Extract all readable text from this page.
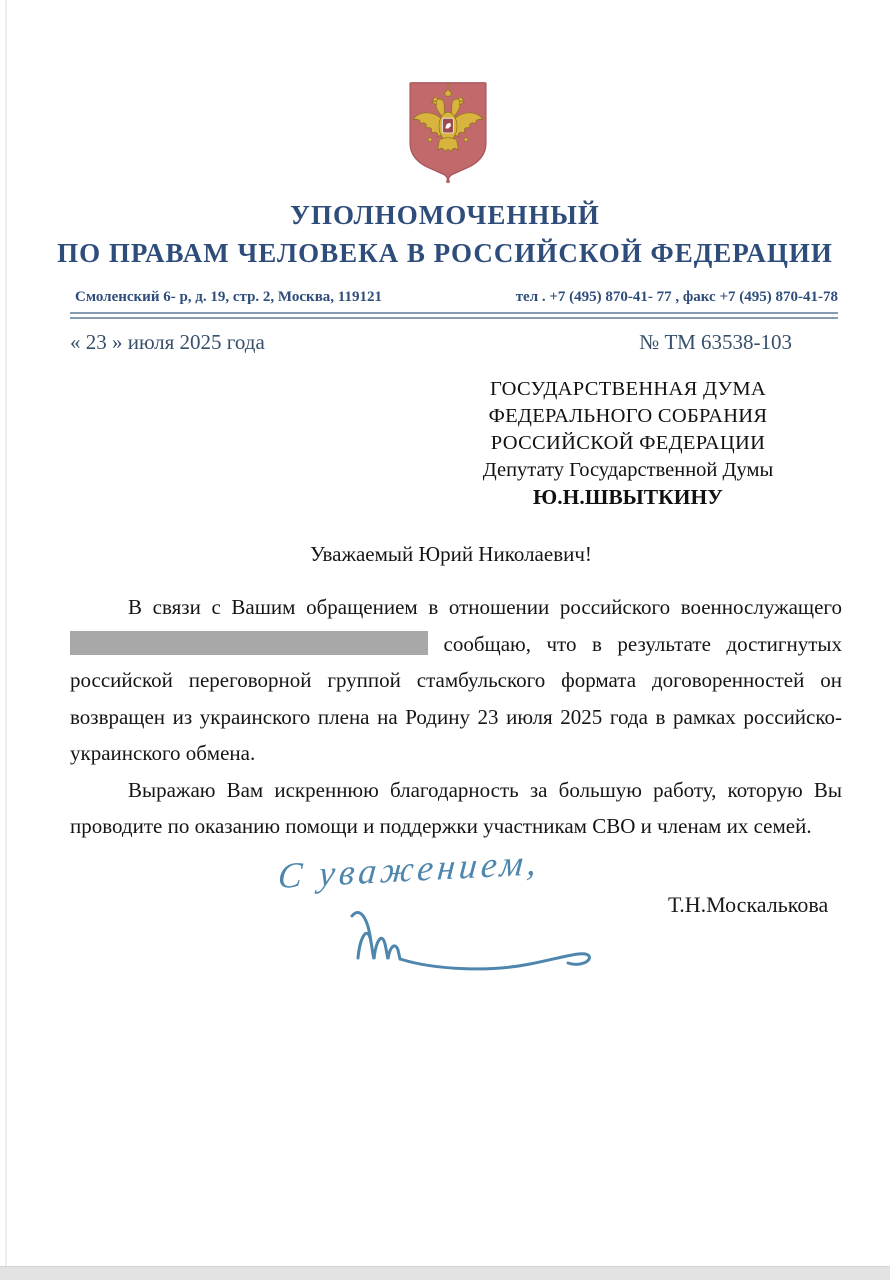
УПОЛНОМОЧЕННЫЙ
ПО ПРАВАМ ЧЕЛОВЕКА В РОССИЙСКОЙ ФЕДЕРАЦИИ
Смоленский 6- р, д. 19, стр. 2, Москва, 119121	тел . +7 (495) 870-41- 77 , факс +7 (495) 870-41-78
« 23 » июля 2025 года	№ ТМ 63538-103
ГОСУДАРСТВЕННАЯ ДУМА
ФЕДЕРАЛЬНОГО СОБРАНИЯ
РОССИЙСКОЙ ФЕДЕРАЦИИ
Депутату Государственной Думы
Ю.Н.ШВЫТКИНУ
Уважаемый Юрий Николаевич!

В связи с Вашим обращением в отношении российского военнослужащего  сообщаю, что в результате достигнутых российской переговорной группой стамбульского формата договоренностей он возвращен из украинского плена на Родину 23 июля 2025 года в рамках российско-украинского обмена.

Выражаю Вам искреннюю благодарность за большую работу, которую Вы проводите по оказанию помощи и поддержки участникам СВО и членам их семей.

С уважением,
Т.Н.Москалькова
